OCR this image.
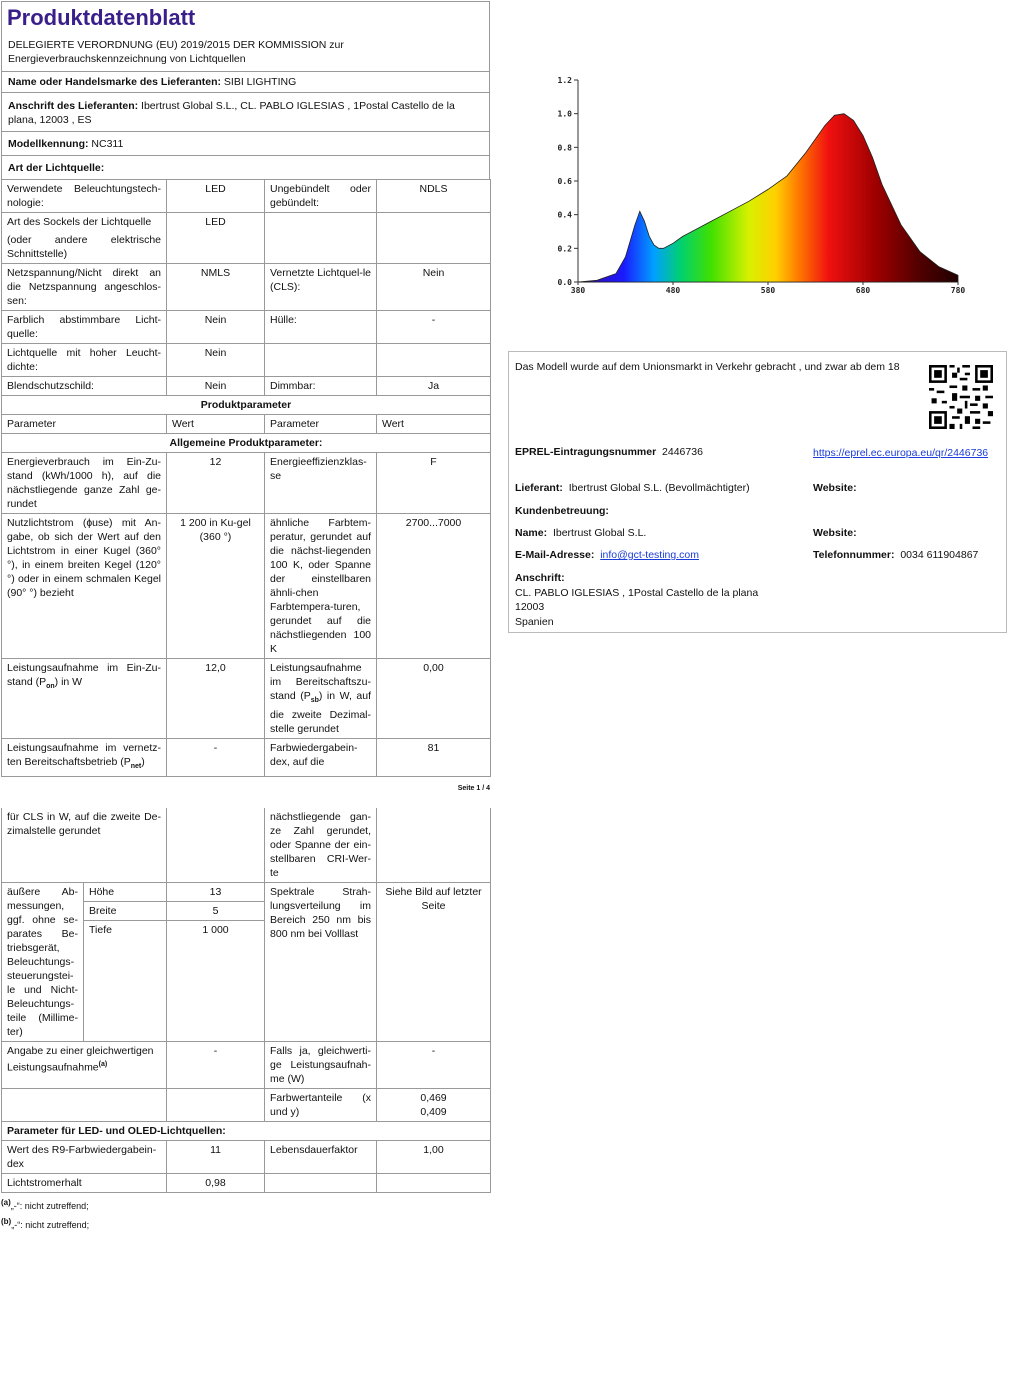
Produktdatenblatt
DELEGIERTE VERORDNUNG (EU) 2019/2015 DER KOMMISSION zur Energieverbrauchskennzeichnung von Lichtquellen
Name oder Handelsmarke des Lieferanten: SIBI LIGHTING
Anschrift des Lieferanten: Ibertrust Global S.L., CL. PABLO IGLESIAS , 1Postal Castello de la plana, 12003 , ES
Modellkennung: NC311
Art der Lichtquelle:
Verwendete Beleuchtungstech-nologie:	LED	Ungebündelt oder gebündelt:	NDLS

Art des Sockels der Lichtquelle
(oder andere elektrische Schnittstelle)	LED		
Netzspannung/Nicht direkt an die Netzspannung angeschlos-sen:	NMLS	Vernetzte Lichtquel-le (CLS):	Nein
Farblich abstimmbare Licht-quelle:	Nein	Hülle:	-
Lichtquelle mit hoher Leucht-dichte:	Nein		
Blendschutzschild:	Nein	Dimmbar:	Ja
Produktparameter			
Parameter	Wert	Parameter	Wert
Allgemeine Produktparameter:			
Energieverbrauch im Ein-Zu-stand (kWh/1000 h), auf die nächstliegende ganze Zahl ge-rundet	12	Energieeffizienzklas-se	F
Nutzlichtstrom (ɸuse) mit An-gabe, ob sich der Wert auf den Lichtstrom in einer Kugel (360° °), in einem breiten Kegel (120° °) oder in einem schmalen Kegel (90° °) bezieht	1 200 in Ku-gel (360 °)	ähnliche Farbtem-peratur, gerundet auf die nächst-liegenden 100 K, oder Spanne der einstellbaren ähnli-chen Farbtempera-turen, gerundet auf die nächstliegenden 100 K	2700...7000
Leistungsaufnahme im Ein-Zu-stand $(P_{on})$ in W	12,0	Leistungsaufnahme im Bereitschaftszu-stand $(P_{sb})$ in W, auf die zweite Dezimal-stelle gerundet	0,00
Leistungsaufnahme im vernetz-ten Bereitschaftsbetrieb $(P_{net})$	-	Farbwiedergabein-dex, auf die	81
Seite 1 / 4
für CLS in W, auf die zweite De-zimalstelle gerundet			nächstliegende gan-ze Zahl gerundet, oder Spanne der ein-stellbaren CRI-Wer-te	
äußere Ab-messungen, ggf. ohne se-parates Be-triebsgerät, Beleuchtungs-steuerungstei-le und Nicht-Beleuchtungs-teile (Millime-ter)	Höhe	13	Spektrale Strah-lungsverteilung im Bereich 250 nm bis 800 nm bei Volllast	Siehe Bild auf letzter Seite
	Breite	5		
	Tiefe	1 000		
Angabe zu einer gleichwertigen Leistungsaufnahme$^{(a)}$		-	Falls ja, gleichwerti-ge Leistungsaufnah-me (W)	-
			Farbwertanteile (x und y)	0,469
0,409

Parameter für LED- und OLED-Lichtquellen:				
Wert des R9-Farbwiedergabein-dex		11	Lebensdauerfaktor	1,00
Lichtstromerhalt		0,98		
$^{(a)}$„-“: nicht zutreffend;
$^{(b)}$„-“: nicht zutreffend;
0.0
0.2
0.4
0.6
0.8
1.0
1.2
380	480	580	680	780
Das Modell wurde auf dem Unionsmarkt in Verkehr gebracht , und zwar ab dem 18
EPREL-Eintragungsnummer 2446736	https://eprel.ec.europa.eu/qr/2446736
Lieferant: Ibertrust Global S.L. (Bevollmächtigter)	Website:
Kundenbetreuung:
Name: Ibertrust Global S.L.	Website:
E-Mail-Adresse: info@gct-testing.com	Telefonnummer: 0034 611904867
Anschrift:
CL. PABLO IGLESIAS , 1Postal Castello de la plana
12003
Spanien
